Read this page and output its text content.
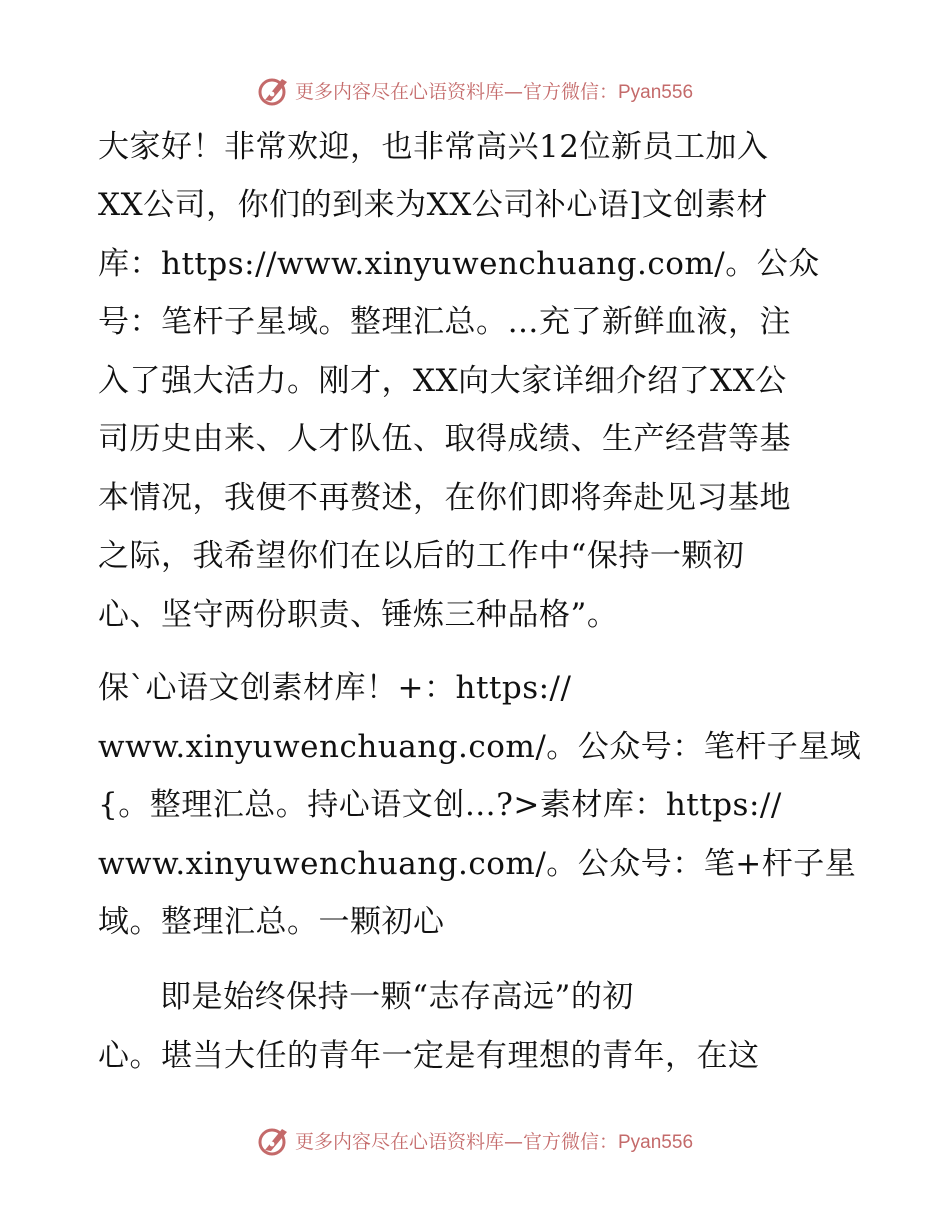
更多内容尽在心语资料库—官方微信：Pyan556
大家好！非常欢迎，也非常高兴12位新员工加入
XX公司，你们的到来为XX公司补心语]文创素材
库：https://www.xinyuwenchuang.com/。公众
号：笔杆子星域。整理汇总。…充了新鲜血液，注
入了强大活力。刚才，XX向大家详细介绍了XX公
司历史由来、人才队伍、取得成绩、生产经营等基
本情况，我便不再赘述，在你们即将奔赴见习基地
之际，我希望你们在以后的工作中“保持一颗初
心、坚守两份职责、锤炼三种品格”。
保`心语文创素材库！+：https://
www.xinyuwenchuang.com/。公众号：笔杆子星域
{。整理汇总。持心语文创…?>素材库：https://
www.xinyuwenchuang.com/。公众号：笔+杆子星
域。整理汇总。一颗初心
即是始终保持一颗“志存高远”的初
心。堪当大任的青年一定是有理想的青年，在这
更多内容尽在心语资料库—官方微信：Pyan556
